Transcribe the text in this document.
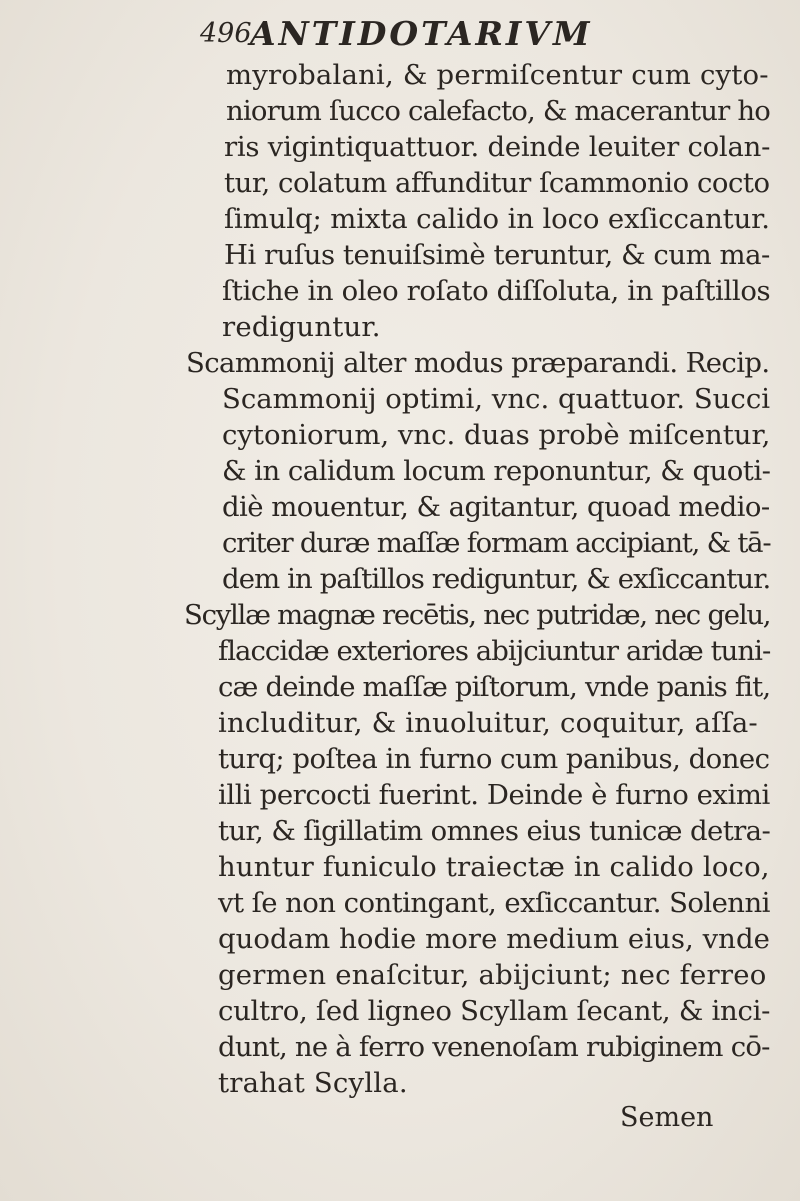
496
ANTIDOTARIVM
myrobalani, & permiſcentur cum cyto-
niorum ſucco calefacto, & macerantur ho
ris vigintiquattuor. deinde leuiter colan-
tur, colatum affunditur ſcammonio cocto
ſimulq; mixta calido in loco exſiccantur.
Hi ruſus tenuiſsimè teruntur, & cum ma-
ſtiche in oleo roſato diſſoluta, in paſtillos
rediguntur.
Scammonij alter modus præparandi. Recip.
Scammonij optimi, vnc. quattuor. Succi
cytoniorum, vnc. duas probè miſcentur,
& in calidum locum reponuntur, & quoti-
diè mouentur, & agitantur, quoad medio-
criter duræ maſſæ formam accipiant, & tā-
dem in paſtillos rediguntur, & exſiccantur.
Scyllæ magnæ recētis, nec putridæ, nec gelu,
flaccidæ exteriores abijciuntur aridæ tuni-
cæ deinde maſſæ piſtorum, vnde panis fit,
includitur, & inuoluitur, coquitur, aſſa-
turq; poſtea in furno cum panibus, donec
illi percocti fuerint. Deinde è furno eximi
tur, & ſigillatim omnes eius tunicæ detra-
huntur funiculo traiectæ in calido loco,
vt ſe non contingant, exſiccantur. Solenni
quodam hodie more medium eius, vnde
germen enaſcitur, abijciunt; nec ferreo
cultro, ſed ligneo Scyllam ſecant, & inci-
dunt, ne à ferro venenoſam rubiginem cō-
trahat Scylla.
Semen
